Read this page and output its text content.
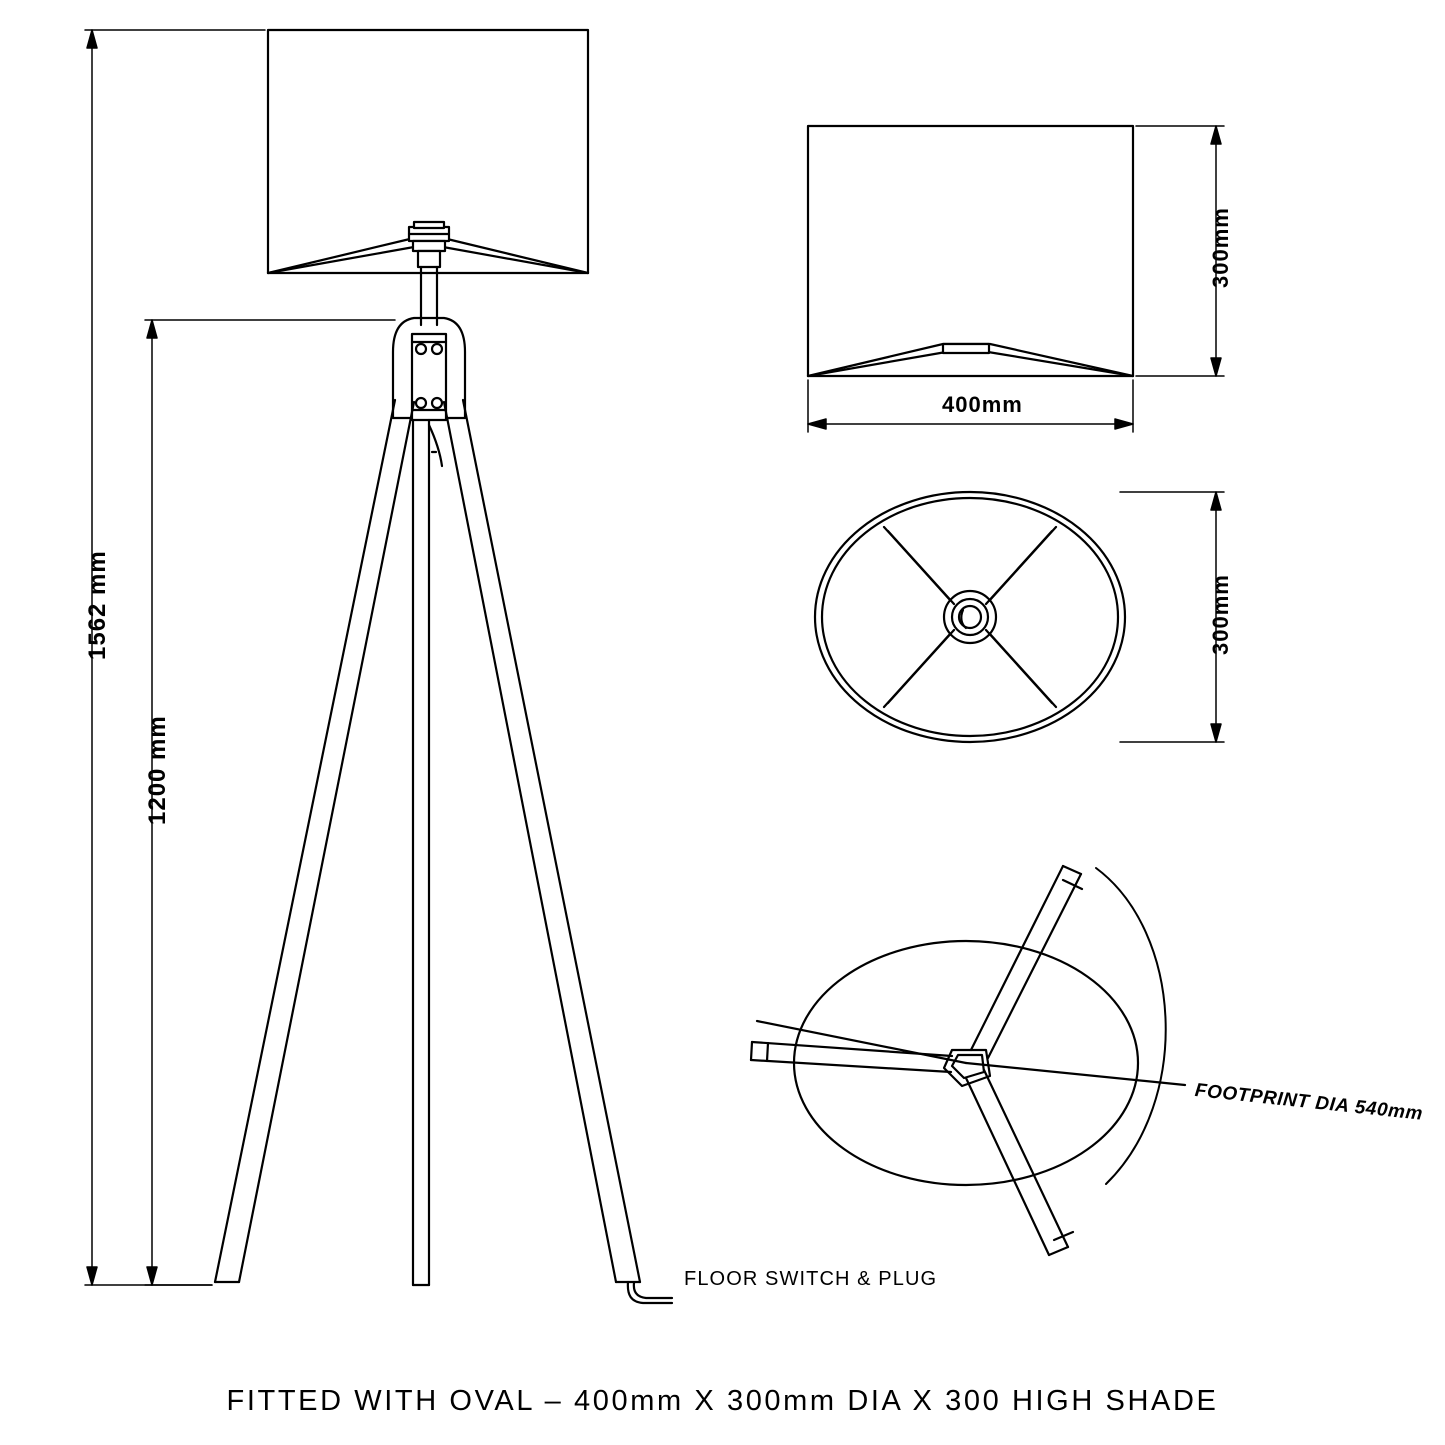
1562 mm
1200 mm
300mm
400mm
300mm
FOOTPRINT DIA 540mm
FLOOR SWITCH & PLUG
FITTED WITH OVAL – 400mm X 300mm DIA X 300 HIGH SHADE
